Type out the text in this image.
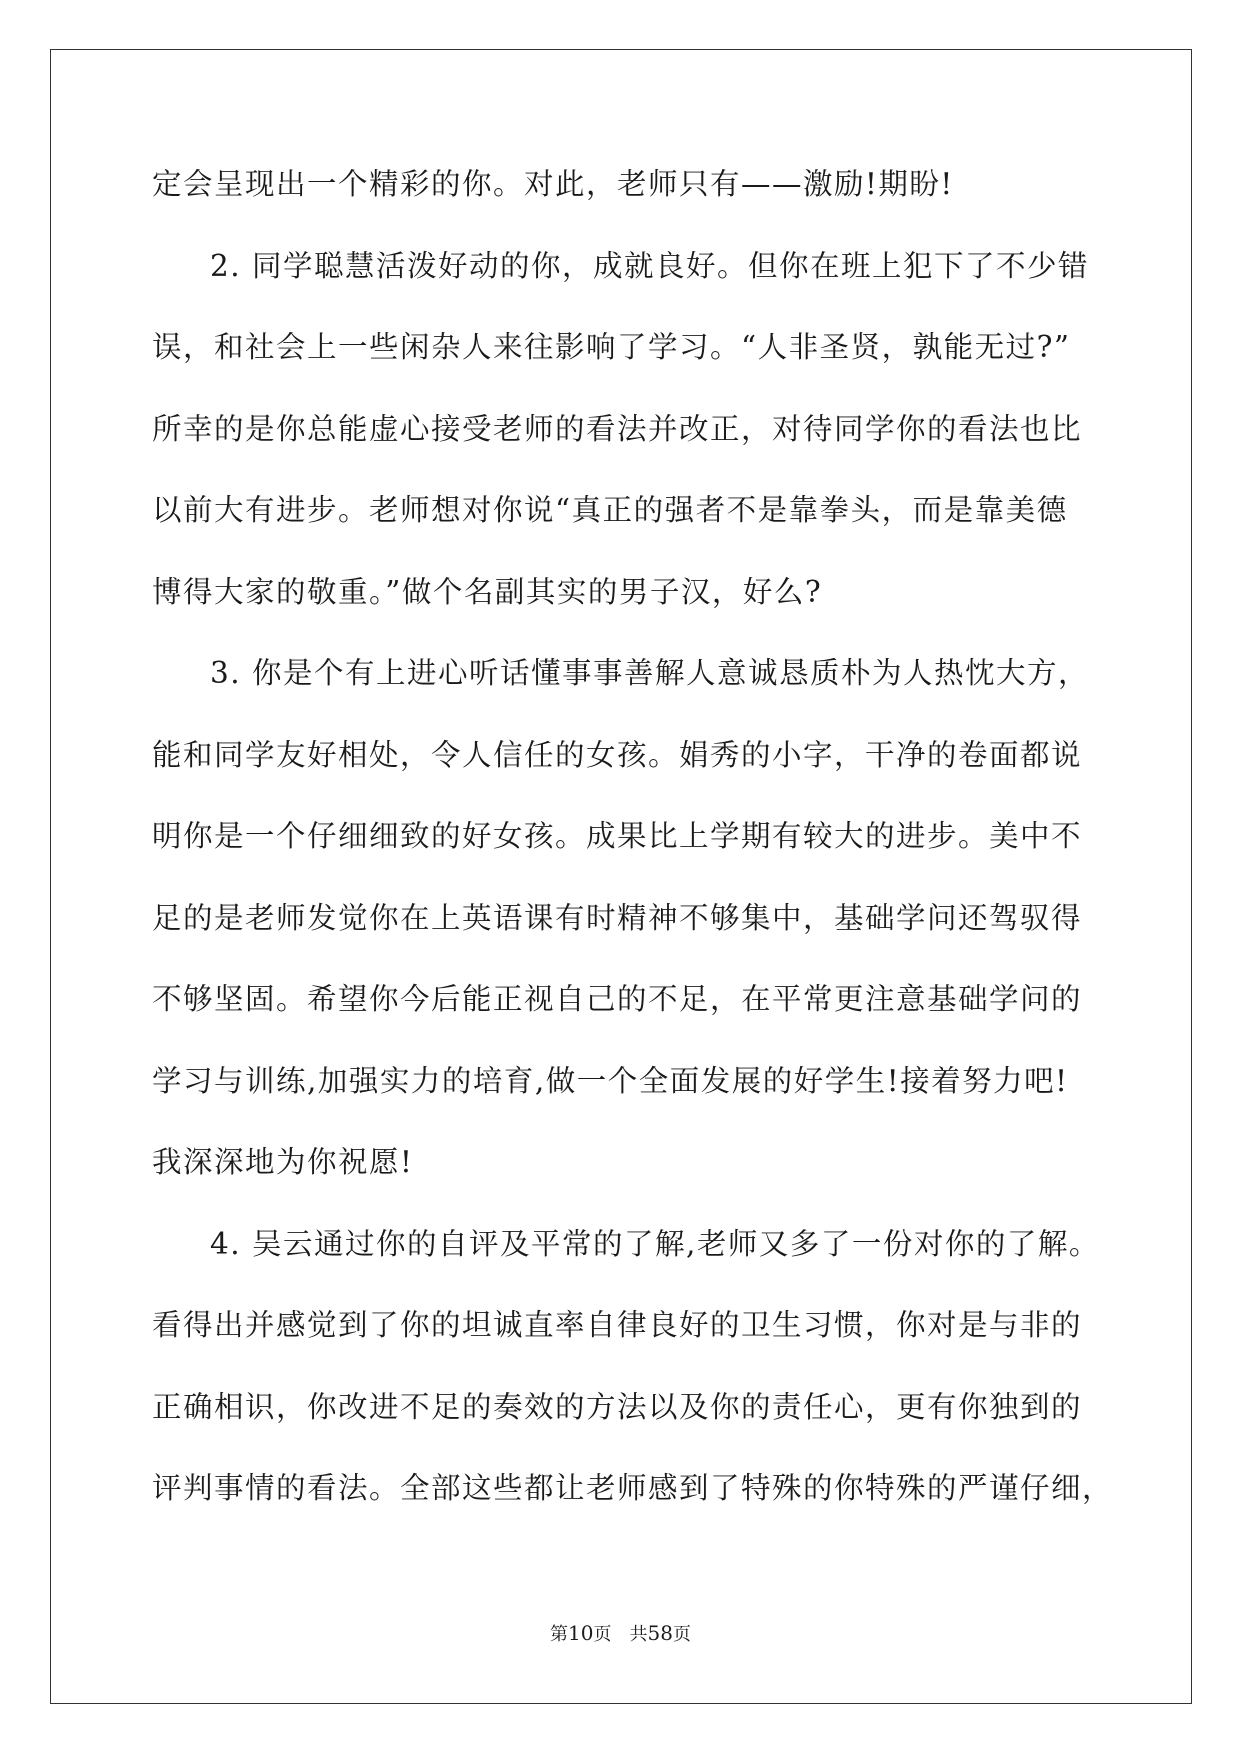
定会呈现出一个精彩的你。对此，老师只有——激励!期盼!
2. 同学聪慧活泼好动的你，成就良好。但你在班上犯下了不少错
误，和社会上一些闲杂人来往影响了学习。“人非圣贤，孰能无过?”
所幸的是你总能虚心接受老师的看法并改正，对待同学你的看法也比
以前大有进步。老师想对你说“真正的强者不是靠拳头，而是靠美德
博得大家的敬重。”做个名副其实的男子汉，好么?
3. 你是个有上进心听话懂事事善解人意诚恳质朴为人热忱大方，
能和同学友好相处，令人信任的女孩。娟秀的小字，干净的卷面都说
明你是一个仔细细致的好女孩。成果比上学期有较大的进步。美中不
足的是老师发觉你在上英语课有时精神不够集中，基础学问还驾驭得
不够坚固。希望你今后能正视自己的不足，在平常更注意基础学问的
学习与训练,加强实力的培育,做一个全面发展的好学生!接着努力吧!
我深深地为你祝愿!
4. 吴云通过你的自评及平常的了解,老师又多了一份对你的了解。
看得出并感觉到了你的坦诚直率自律良好的卫生习惯，你对是与非的
正确相识，你改进不足的奏效的方法以及你的责任心，更有你独到的
评判事情的看法。全部这些都让老师感到了特殊的你特殊的严谨仔细，
第10页 共58页
